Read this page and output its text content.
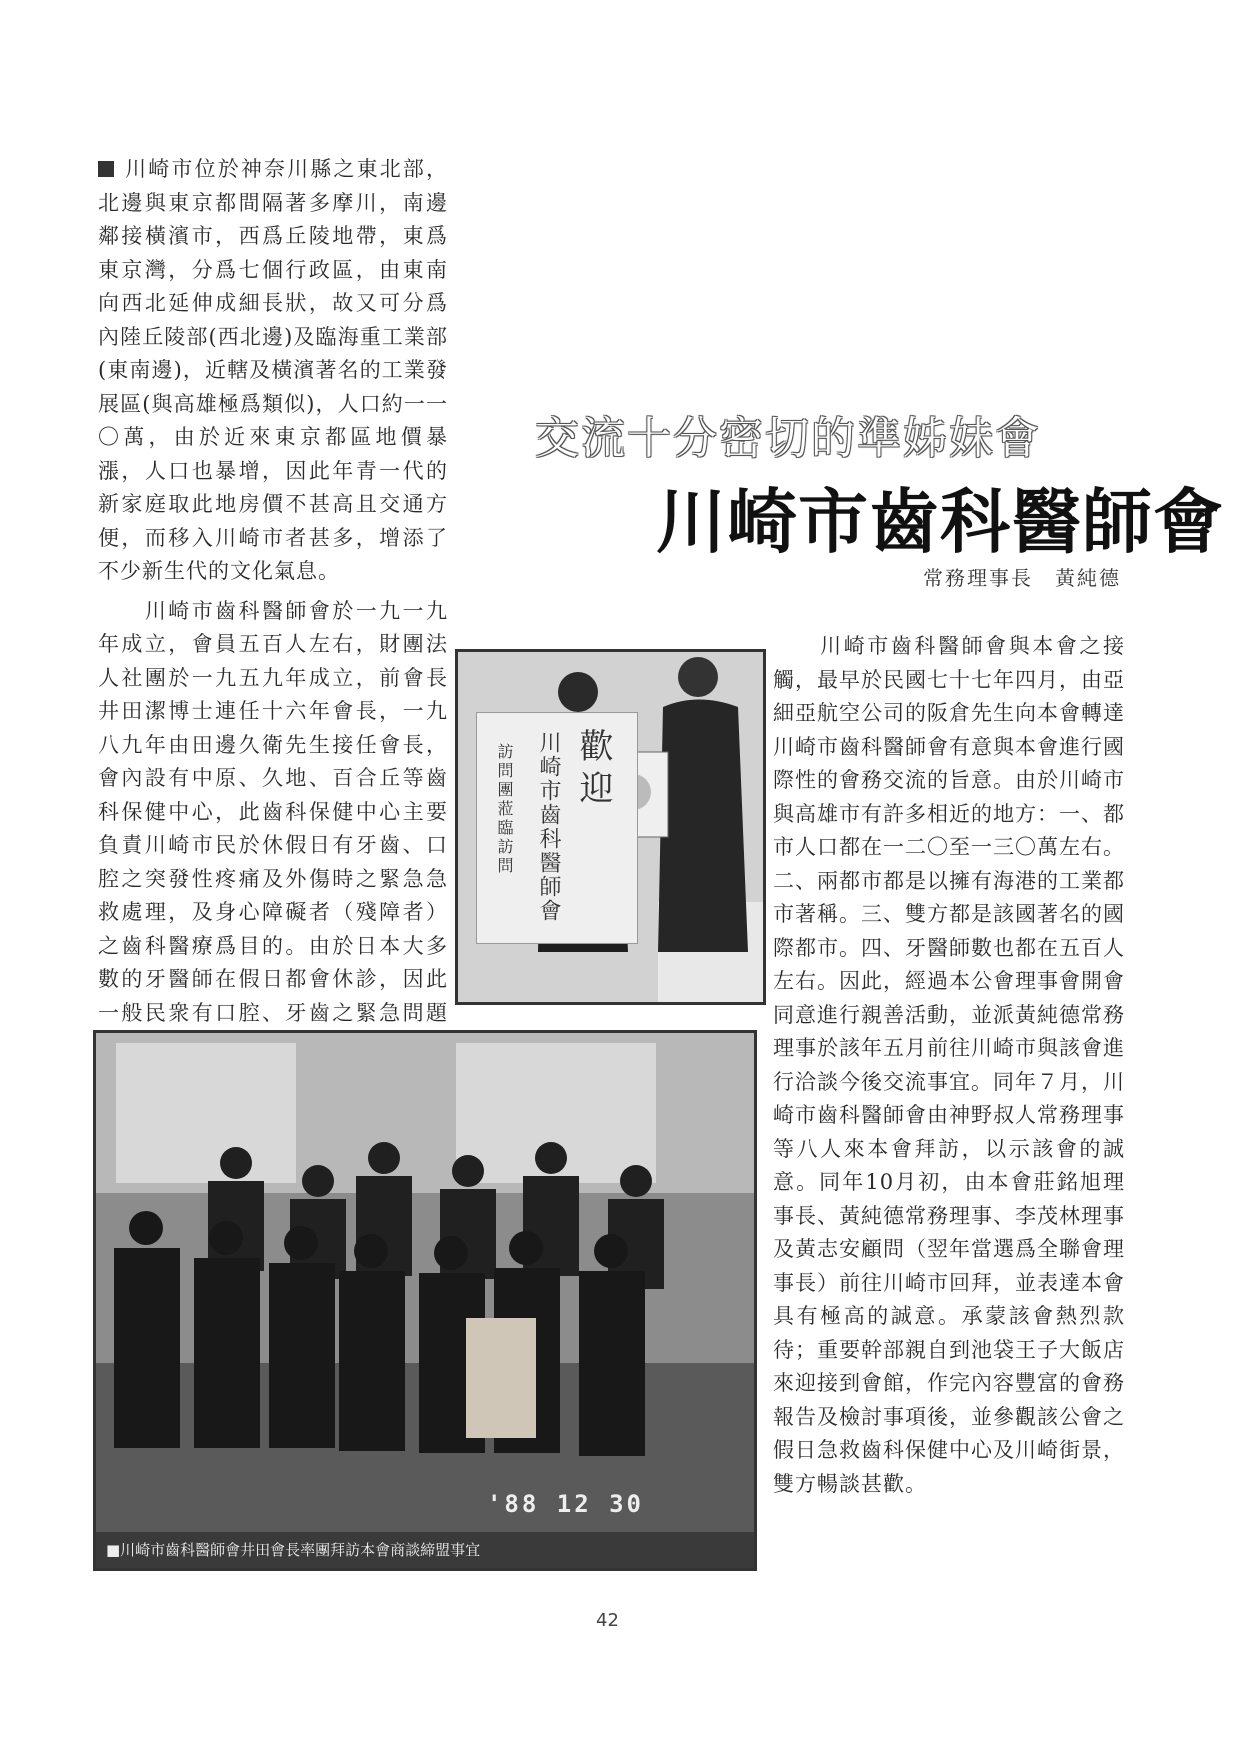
川崎市位於神奈川縣之東北部，北邊與東京都間隔著多摩川，南邊鄰接橫濱市，西爲丘陵地帶，東爲東京灣，分爲七個行政區，由東南向西北延伸成細長狀，故又可分爲內陸丘陵部(西北邊)及臨海重工業部(東南邊)，近轄及橫濱著名的工業發展區(與高雄極爲類似)，人口約一一〇萬，由於近來東京都區地價暴漲，人口也暴增，因此年青一代的新家庭取此地房價不甚高且交通方便，而移入川崎市者甚多，增添了不少新生代的文化氣息。

　　川崎市齒科醫師會於一九一九年成立，會員五百人左右，財團法人社團於一九五九年成立，前會長井田潔博士連任十六年會長，一九八九年由田邊久衛先生接任會長，會內設有中原、久地、百合丘等齒科保健中心，此齒科保健中心主要負責川崎市民於休假日有牙齒、口腔之突發性疼痛及外傷時之緊急急救處理，及身心障礙者（殘障者）之齒科醫療爲目的。由於日本大多數的牙醫師在假日都會休診，因此一般民衆有口腔、牙齒之緊急問題

交流十分密切的準姊妹會
川崎市齒科醫師會
常務理事長　黃純德
歡迎
川崎市齒科醫師會
訪問團蒞臨訪問

　　川崎市齒科醫師會與本會之接觸，最早於民國七十七年四月，由亞細亞航空公司的阪倉先生向本會轉達川崎市齒科醫師會有意與本會進行國際性的會務交流的旨意。由於川崎市與高雄市有許多相近的地方：一、都市人口都在一二〇至一三〇萬左右。二、兩都市都是以擁有海港的工業都市著稱。三、雙方都是該國著名的國際都市。四、牙醫師數也都在五百人左右。因此，經過本公會理事會開會同意進行親善活動，並派黃純德常務理事於該年五月前往川崎市與該會進行洽談今後交流事宜。同年７月，川崎市齒科醫師會由神野叔人常務理事等八人來本會拜訪，以示該會的誠意。同年10月初，由本會莊銘旭理事長、黃純德常務理事、李茂林理事及黃志安顧問（翌年當選爲全聯會理事長）前往川崎市回拜，並表達本會具有極高的誠意。承蒙該會熱烈款待；重要幹部親自到池袋王子大飯店來迎接到會館，作完內容豐富的會務報告及檢討事項後，並參觀該公會之假日急救齒科保健中心及川崎街景，雙方暢談甚歡。

'88 12 30
■川崎市齒科醫師會井田會長率團拜訪本會商談締盟事宜
42
